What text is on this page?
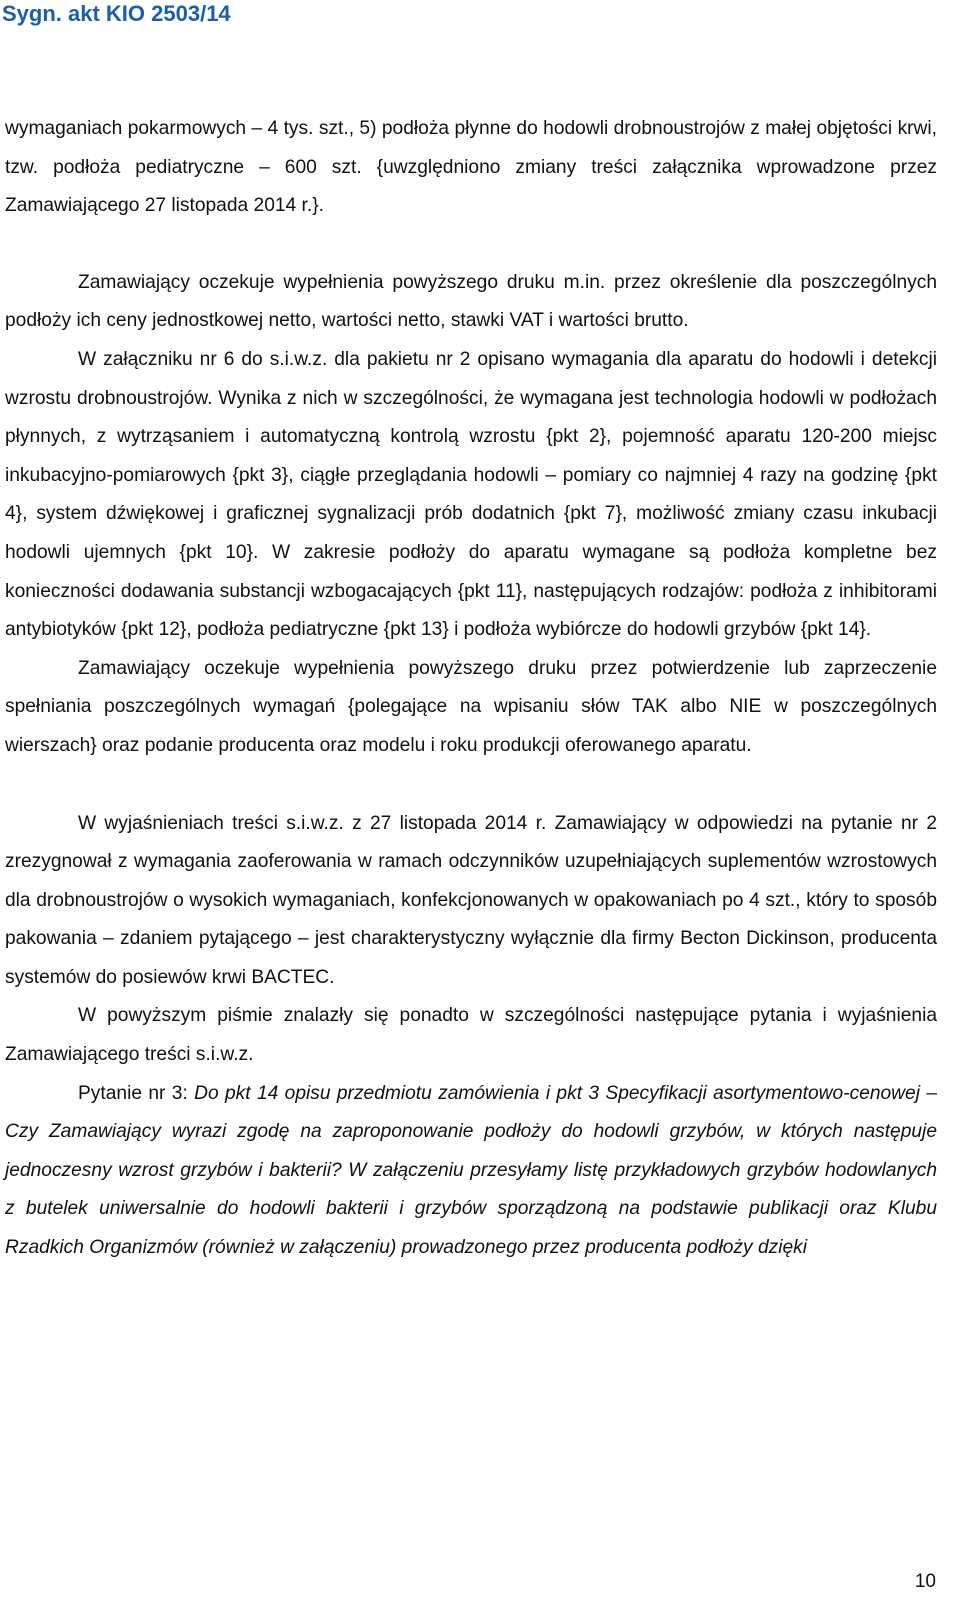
Sygn. akt KIO 2503/14

wymaganiach pokarmowych – 4 tys. szt., 5) podłoża płynne do hodowli drobnoustrojów z małej objętości krwi, tzw. podłoża pediatryczne – 600 szt. {uwzględniono zmiany treści załącznika wprowadzone przez Zamawiającego 27 listopada 2014 r.}.

Zamawiający oczekuje wypełnienia powyższego druku m.in. przez określenie dla poszczególnych podłoży ich ceny jednostkowej netto, wartości netto, stawki VAT i wartości brutto.

W załączniku nr 6 do s.i.w.z. dla pakietu nr 2 opisano wymagania dla aparatu do hodowli i detekcji wzrostu drobnoustrojów. Wynika z nich w szczególności, że wymagana jest technologia hodowli w podłożach płynnych, z wytrząsaniem i automatyczną kontrolą wzrostu {pkt 2}, pojemność aparatu 120-200 miejsc inkubacyjno-pomiarowych {pkt 3}, ciągłe przeglądania hodowli – pomiary co najmniej 4 razy na godzinę {pkt 4}, system dźwiękowej i graficznej sygnalizacji prób dodatnich {pkt 7}, możliwość zmiany czasu inkubacji hodowli ujemnych {pkt 10}. W zakresie podłoży do aparatu wymagane są podłoża kompletne bez konieczności dodawania substancji wzbogacających {pkt 11}, następujących rodzajów: podłoża z inhibitorami antybiotyków {pkt 12}, podłoża pediatryczne {pkt 13} i podłoża wybiórcze do hodowli grzybów {pkt 14}.

Zamawiający oczekuje wypełnienia powyższego druku przez potwierdzenie lub zaprzeczenie spełniania poszczególnych wymagań {polegające na wpisaniu słów TAK albo NIE w poszczególnych wierszach} oraz podanie producenta oraz modelu i roku produkcji oferowanego aparatu.

W wyjaśnieniach treści s.i.w.z. z 27 listopada 2014 r. Zamawiający w odpowiedzi na pytanie nr 2 zrezygnował z wymagania zaoferowania w ramach odczynników uzupełniających suplementów wzrostowych dla drobnoustrojów o wysokich wymaganiach, konfekcjonowanych w opakowaniach po 4 szt., który to sposób pakowania – zdaniem pytającego – jest charakterystyczny wyłącznie dla firmy Becton Dickinson, producenta systemów do posiewów krwi BACTEC.

W powyższym piśmie znalazły się ponadto w szczególności następujące pytania i wyjaśnienia Zamawiającego treści s.i.w.z.

Pytanie nr 3: Do pkt 14 opisu przedmiotu zamówienia i pkt 3 Specyfikacji asortymentowo-cenowej – Czy Zamawiający wyrazi zgodę na zaproponowanie podłoży do hodowli grzybów, w których następuje jednoczesny wzrost grzybów i bakterii? W załączeniu przesyłamy listę przykładowych grzybów hodowlanych z butelek uniwersalnie do hodowli bakterii i grzybów sporządzoną na podstawie publikacji oraz Klubu Rzadkich Organizmów (również w załączeniu) prowadzonego przez producenta podłoży dzięki

10
